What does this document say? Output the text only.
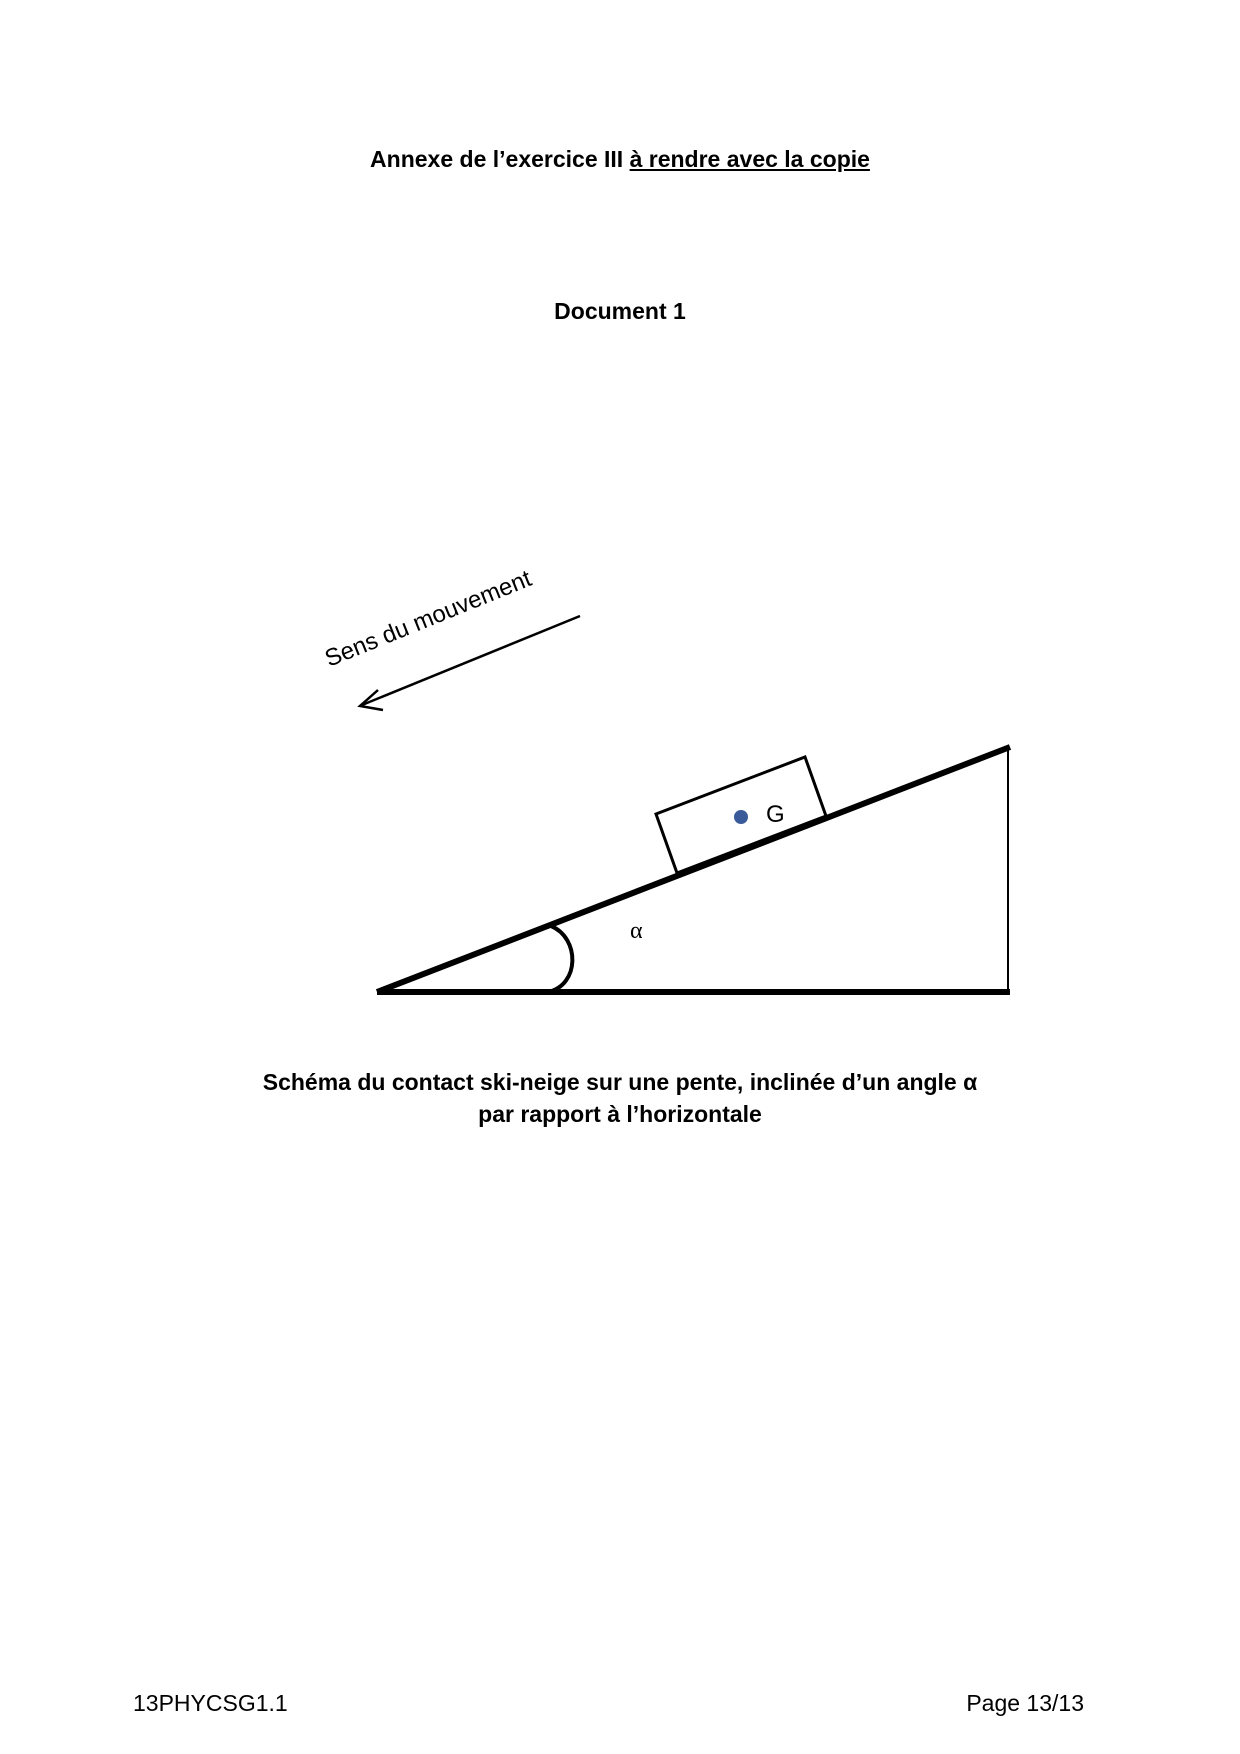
Annexe de l’exercice III à rendre avec la copie
Document 1
G
α
Sens du mouvement
Schéma du contact ski-neige sur une pente, inclinée d’un angle α
par rapport à l’horizontale
13PHYCSG1.1	Page 13/13
